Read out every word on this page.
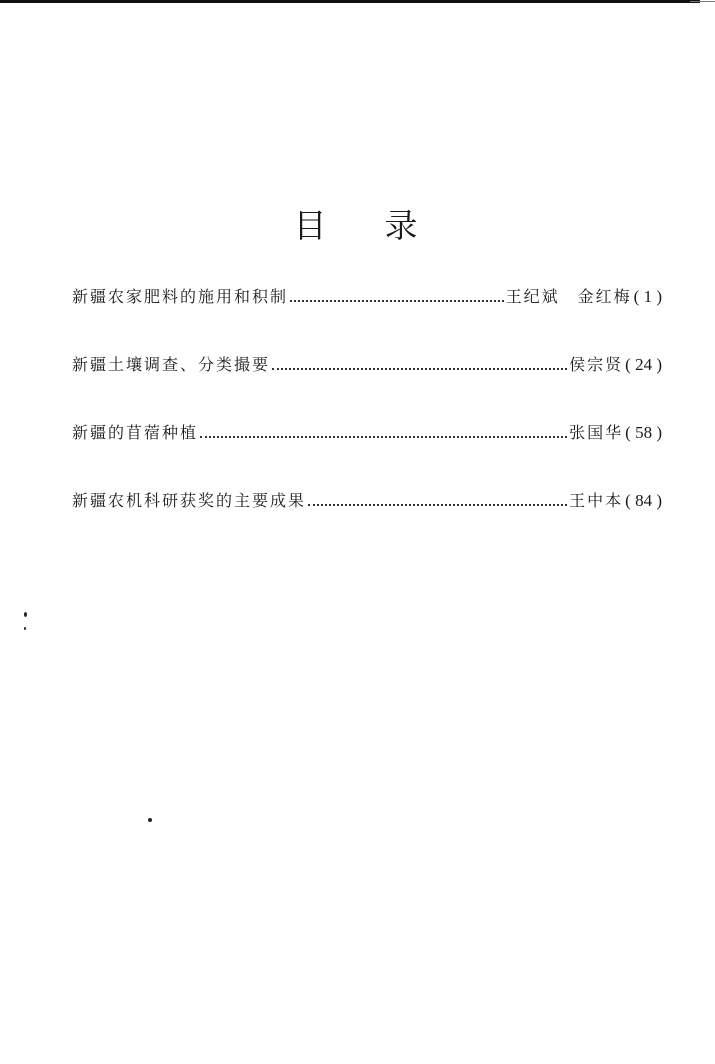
目 录
新疆农家肥料的施用和积制	王纪斌　金红梅 ( 1 )
新疆土壤调查、分类撮要	侯宗贤 ( 24 )
新疆的苜蓿种植	张国华 ( 58 )
新疆农机科研获奖的主要成果	王中本 ( 84 )
